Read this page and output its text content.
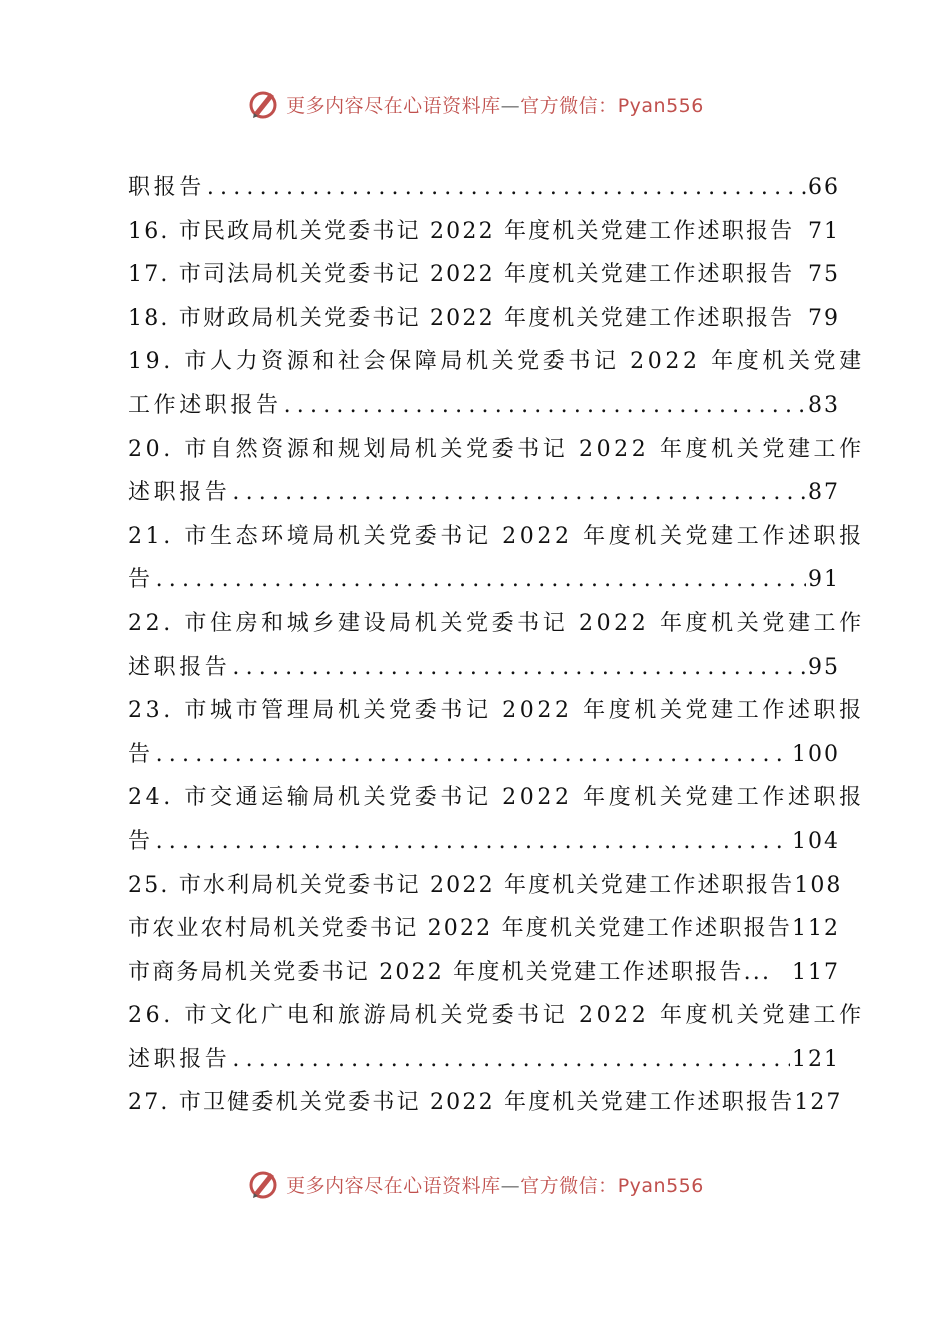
更多内容尽在心语资料库—官方微信：Pyan556
职报告 .....	66
16. 市民政局机关党委书记 2022 年度机关党建工作述职报告 71
17. 市司法局机关党委书记 2022 年度机关党建工作述职报告 75
18. 市财政局机关党委书记 2022 年度机关党建工作述职报告 79
19. 市人力资源和社会保障局机关党委书记 2022 年度机关党建
工作述职报告 .....	83
20. 市自然资源和规划局机关党委书记 2022 年度机关党建工作
述职报告 .....	87
21. 市生态环境局机关党委书记 2022 年度机关党建工作述职报
告 .....	91
22. 市住房和城乡建设局机关党委书记 2022 年度机关党建工作
述职报告 .....	95
23. 市城市管理局机关党委书记 2022 年度机关党建工作述职报
告 .....	100
24. 市交通运输局机关党委书记 2022 年度机关党建工作述职报
告 .....	104
25. 市水利局机关党委书记 2022 年度机关党建工作述职报告 108
市农业农村局机关党委书记 2022 年度机关党建工作述职报告 112
市商务局机关党委书记 2022 年度机关党建工作述职报告... 117
26. 市文化广电和旅游局机关党委书记 2022 年度机关党建工作
述职报告 .....	121
27. 市卫健委机关党委书记 2022 年度机关党建工作述职报告 127
更多内容尽在心语资料库—官方微信：Pyan556
